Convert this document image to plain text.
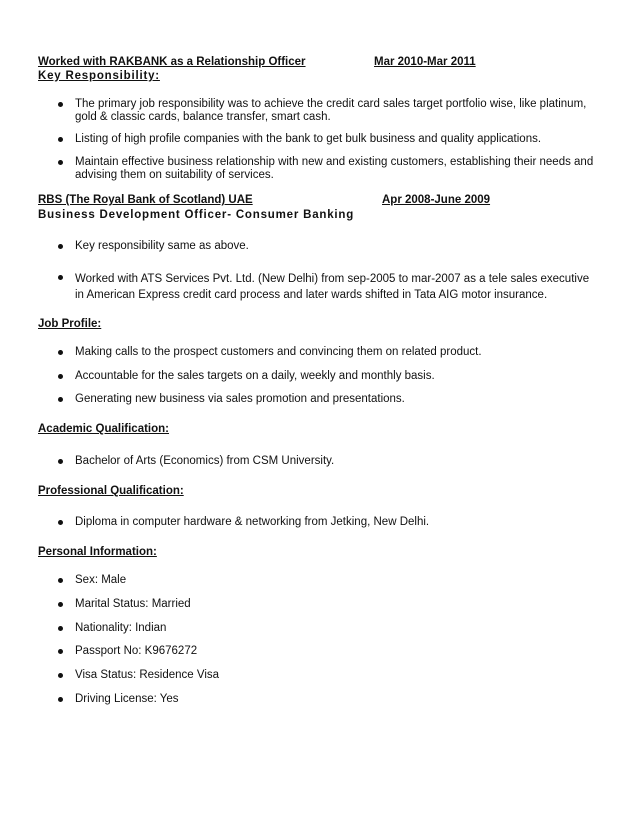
Worked with RAKBANK as a Relationship Officer	Mar 2010-Mar 2011
Key Responsibility:
The primary job responsibility was to achieve the credit card sales target portfolio wise, like platinum, gold & classic cards, balance transfer, smart cash.
Listing of high profile companies with the bank to get bulk business and quality applications.
Maintain effective business relationship with new and existing customers, establishing their needs and advising them on suitability of services.
RBS (The Royal Bank of Scotland) UAE	Apr 2008-June 2009
Business Development Officer- Consumer Banking
Key responsibility same as above.
Worked with ATS Services Pvt. Ltd. (New Delhi) from sep-2005 to mar-2007 as a tele sales executive in American Express credit card process and later wards shifted in Tata AIG motor insurance.
Job Profile:
Making calls to the prospect customers and convincing them on related product.
Accountable for the sales targets on a daily, weekly and monthly basis.
Generating new business via sales promotion and presentations.
Academic Qualification:
Bachelor of Arts (Economics) from CSM University.
Professional Qualification:
Diploma in computer hardware & networking from Jetking, New Delhi.
Personal Information:
Sex: Male
Marital Status: Married
Nationality: Indian
Passport No: K9676272
Visa Status: Residence Visa
Driving License: Yes
